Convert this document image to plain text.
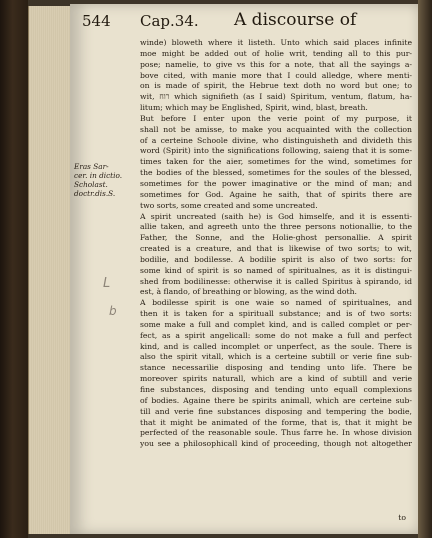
544 Cap.34. A discourse of
Eras Sar-
cer. in dictio.
Scholast.
doctr.dis.S.
L
b
winde) bloweth where it listeth. Unto which said places infinite
moe might be added out of holie writ, tending all to this pur-
pose; namelie, to give vs this for a note, that all the sayings a-
bove cited, with manie more that I could alledge, where menti-
on is made of spirit, the Hebrue text doth no word but one; to
wit, רוח which signifieth (as I said) Spiritum, ventum, flatum, ha-
litum; which may be Englished, Spirit, wind, blast, breath.
But before I enter upon the verie point of my purpose, it
shall not be amisse, to make you acquainted with the collection
of a certeine Schoole divine, who distinguisheth and divideth this
word (Spirit) into the significations following, saieng that it is some-
times taken for the aier, sometimes for the wind, sometimes for
the bodies of the blessed, sometimes for the soules of the blessed,
sometimes for the power imaginative or the mind of man; and
sometimes for God. Againe he saith, that of spirits there are
two sorts, some created and some uncreated.
A spirit uncreated (saith he) is God himselfe, and it is essenti-
allie taken, and agreeth unto the three persons notionallie, to the
Father, the Sonne, and the Holie-ghost personallie. A spirit
created is a creature, and that is likewise of two sorts; to wit,
bodilie, and bodilesse. A bodilie spirit is also of two sorts: for
some kind of spirit is so named of spiritualnes, as it is distingui-
shed from bodilinesse: otherwise it is called Spiritus à spirando, id
est, à flando, of breathing or blowing, as the wind doth.
A bodilesse spirit is one waie so named of spiritualnes, and
then it is taken for a spirituall substance; and is of two sorts:
some make a full and complet kind, and is called complet or per-
fect, as a spirit angelicall: some do not make a full and perfect
kind, and is called incomplet or unperfect, as the soule. There is
also the spirit vitall, which is a certeine subtill or verie fine sub-
stance necessarilie disposing and tending unto life. There be
moreover spirits naturall, which are a kind of subtill and verie
fine substances, disposing and tending unto equall complexions
of bodies. Againe there be spirits animall, which are certeine sub-
till and verie fine substances disposing and tempering the bodie,
that it might be animated of the forme, that is, that it might be
perfected of the reasonable soule. Thus farre he. In whose division
you see a philosophicall kind of proceeding, though not altogether
to
